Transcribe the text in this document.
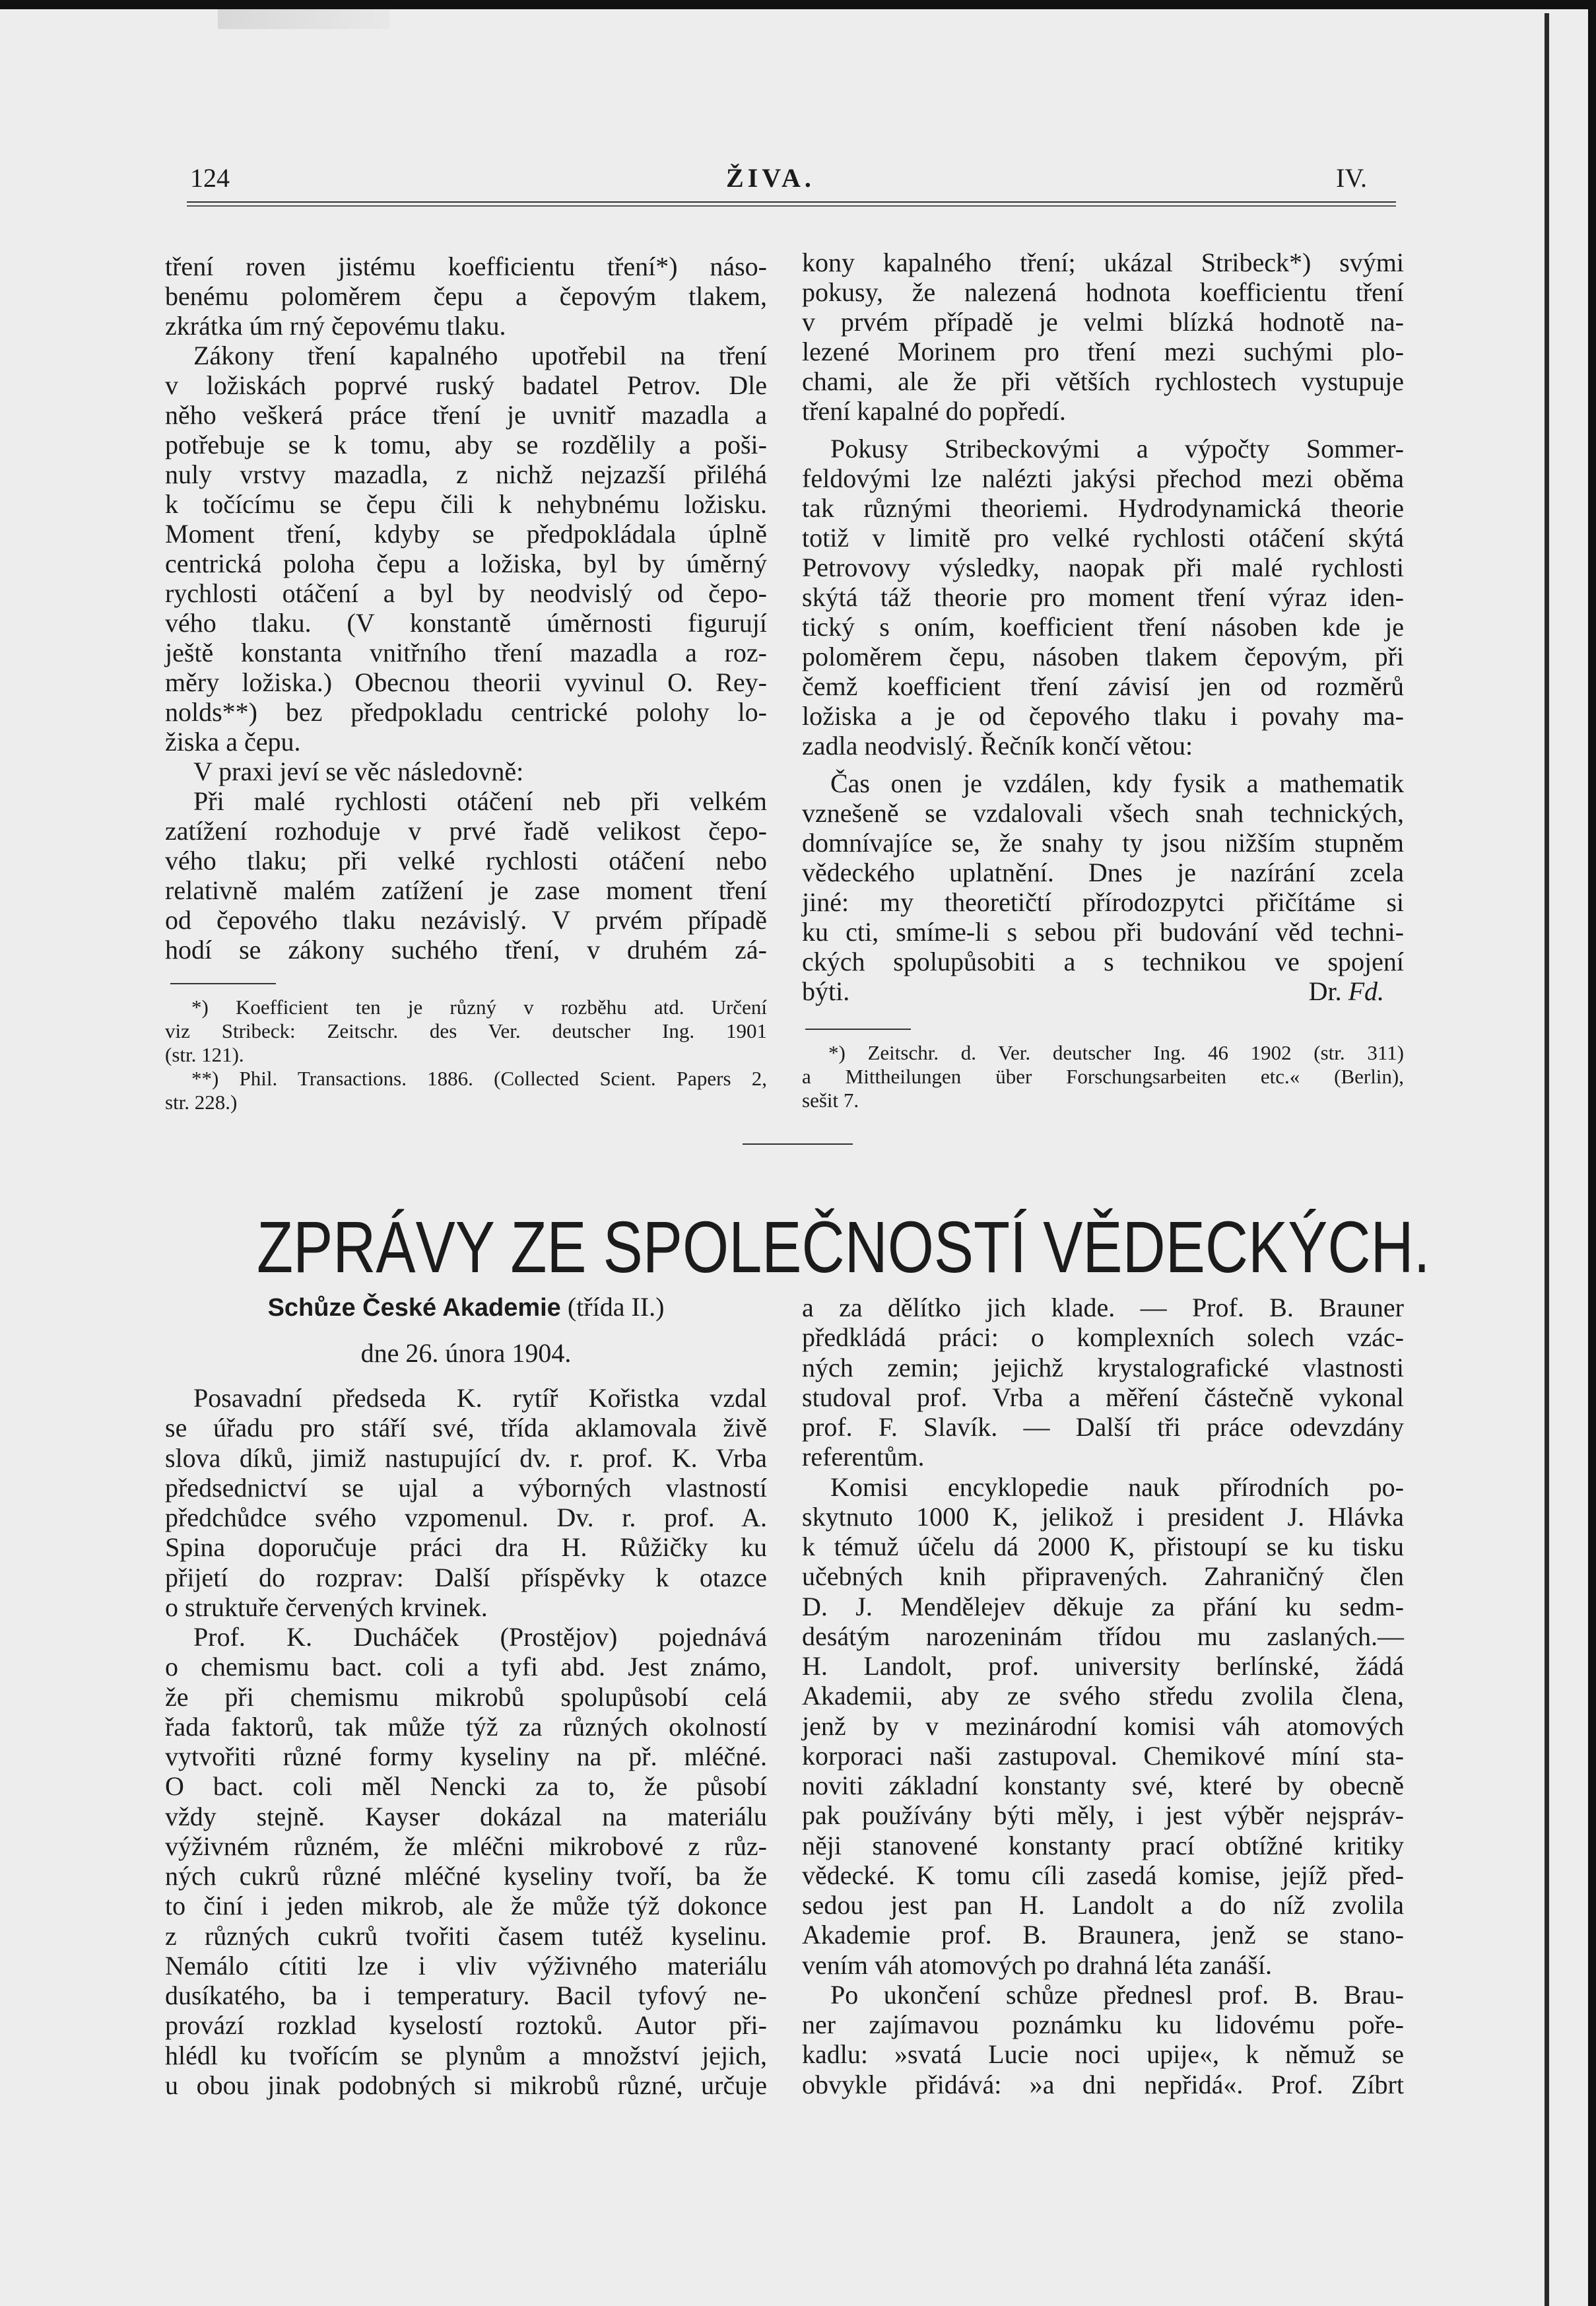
124	ŽIVA.	IV.
tření roven jistému koefficientu tření*) náso-
benému poloměrem čepu a čepovým tlakem,
zkrátka úm rný čepovému tlaku.
Zákony tření kapalného upotřebil na tření
v ložiskách poprvé ruský badatel Petrov. Dle
něho veškerá práce tření je uvnitř mazadla a
potřebuje se k tomu, aby se rozdělily a poši-
nuly vrstvy mazadla, z nichž nejzazší přiléhá
k točícímu se čepu čili k nehybnému ložisku.
Moment tření, kdyby se předpokládala úplně
centrická poloha čepu a ložiska, byl by úměrný
rychlosti otáčení a byl by neodvislý od čepo-
vého tlaku. (V konstantě úměrnosti figurují
ještě konstanta vnitřního tření mazadla a roz-
měry ložiska.) Obecnou theorii vyvinul O. Rey-
nolds**) bez předpokladu centrické polohy lo-
žiska a čepu.
V praxi jeví se věc následovně:
Při malé rychlosti otáčení neb při velkém
zatížení rozhoduje v prvé řadě velikost čepo-
vého tlaku; při velké rychlosti otáčení nebo
relativně malém zatížení je zase moment tření
od čepového tlaku nezávislý. V prvém případě
hodí se zákony suchého tření, v druhém zá-
*) Koefficient ten je různý v rozběhu atd. Určení
viz Stribeck: Zeitschr. des Ver. deutscher Ing. 1901
(str. 121).
**) Phil. Transactions. 1886. (Collected Scient. Papers 2,
str. 228.)
kony kapalného tření; ukázal Stribeck*) svými
pokusy, že nalezená hodnota koefficientu tření
v prvém případě je velmi blízká hodnotě na-
lezené Morinem pro tření mezi suchými plo-
chami, ale že při větších rychlostech vystupuje
tření kapalné do popředí.
Pokusy Stribeckovými a výpočty Sommer-
feldovými lze nalézti jakýsi přechod mezi oběma
tak různými theoriemi. Hydrodynamická theorie
totiž v limitě pro velké rychlosti otáčení skýtá
Petrovovy výsledky, naopak při malé rychlosti
skýtá táž theorie pro moment tření výraz iden-
tický s oním, koefficient tření násoben kde je
poloměrem čepu, násoben tlakem čepovým, při
čemž koefficient tření závisí jen od rozměrů
ložiska a je od čepového tlaku i povahy ma-
zadla neodvislý. Řečník končí větou:
Čas onen je vzdálen, kdy fysik a mathematik
vznešeně se vzdalovali všech snah technických,
domnívajíce se, že snahy ty jsou nižším stupněm
vědeckého uplatnění. Dnes je nazírání zcela
jiné: my theoretičtí přírodozpytci přičítáme si
ku cti, smíme-li s sebou při budování věd techni-
ckých spolupůsobiti a s technikou ve spojení
býti.	Dr. Fd.
*) Zeitschr. d. Ver. deutscher Ing. 46 1902 (str. 311)
a Mittheilungen über Forschungsarbeiten etc.« (Berlin),
sešit 7.
ZPRÁVY ZE SPOLEČNOSTÍ VĚDECKÝCH.
Schůze České Akademie (třída II.)
dne 26. února 1904.
Posavadní předseda K. rytíř Kořistka vzdal
se úřadu pro stáří své, třída aklamovala živě
slova díků, jimiž nastupující dv. r. prof. K. Vrba
předsednictví se ujal a výborných vlastností
předchůdce svého vzpomenul. Dv. r. prof. A.
Spina doporučuje práci dra H. Růžičky ku
přijetí do rozprav: Další příspěvky k otazce
o struktuře červených krvinek.
Prof. K. Ducháček (Prostějov) pojednává
o chemismu bact. coli a tyfi abd. Jest známo,
že při chemismu mikrobů spolupůsobí celá
řada faktorů, tak může týž za různých okolností
vytvořiti různé formy kyseliny na př. mléčné.
O bact. coli měl Nencki za to, že působí
vždy stejně. Kayser dokázal na materiálu
výživném různém, že mléčni mikrobové z růz-
ných cukrů různé mléčné kyseliny tvoří, ba že
to činí i jeden mikrob, ale že může týž dokonce
z různých cukrů tvořiti časem tutéž kyselinu.
Nemálo cítiti lze i vliv výživného materiálu
dusíkatého, ba i temperatury. Bacil tyfový ne-
provází rozklad kyselostí roztoků. Autor při-
hlédl ku tvořícím se plynům a množství jejich,
u obou jinak podobných si mikrobů různé, určuje
a za dělítko jich klade. — Prof. B. Brauner
předkládá práci: o komplexních solech vzác-
ných zemin; jejichž krystalografické vlastnosti
studoval prof. Vrba a měření částečně vykonal
prof. F. Slavík. — Další tři práce odevzdány
referentům.
Komisi encyklopedie nauk přírodních po-
skytnuto 1000 K, jelikož i president J. Hlávka
k témuž účelu dá 2000 K, přistoupí se ku tisku
učebných knih připravených. Zahraničný člen
D. J. Mendělejev děkuje za přání ku sedm-
desátým narozeninám třídou mu zaslaných.—
H. Landolt, prof. university berlínské, žádá
Akademii, aby ze svého středu zvolila člena,
jenž by v mezinárodní komisi váh atomových
korporaci naši zastupoval. Chemikové míní sta-
noviti základní konstanty své, které by obecně
pak používány býti měly, i jest výběr nejspráv-
něji stanovené konstanty prací obtížné kritiky
vědecké. K tomu cíli zasedá komise, jejíž před-
sedou jest pan H. Landolt a do níž zvolila
Akademie prof. B. Braunera, jenž se stano-
vením váh atomových po drahná léta zanáší.
Po ukončení schůze přednesl prof. B. Brau-
ner zajímavou poznámku ku lidovému poře-
kadlu: »svatá Lucie noci upije«, k němuž se
obvykle přidává: »a dni nepřidá«. Prof. Zíbrt
